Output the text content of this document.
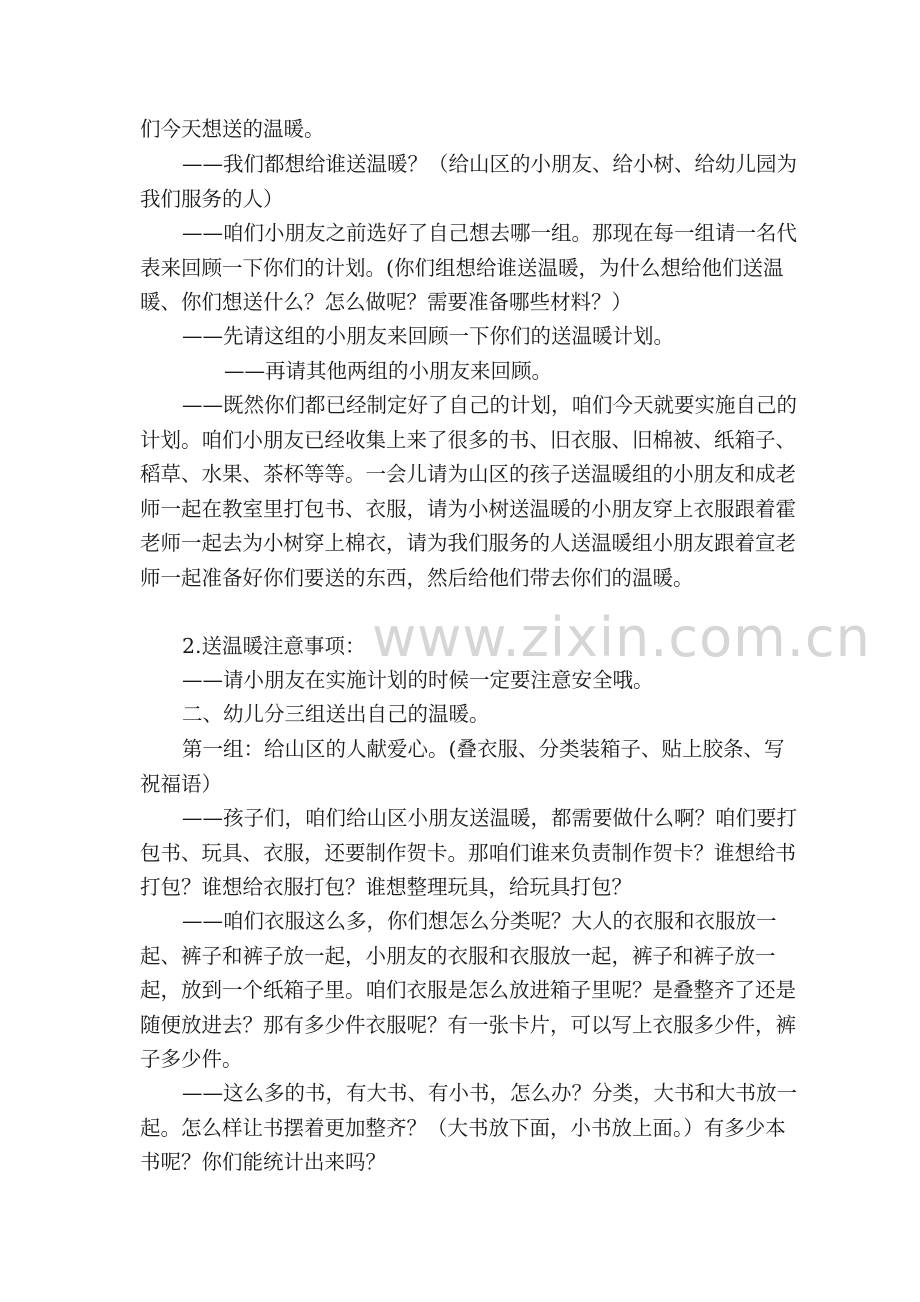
www.zixin.com.cn

们今天想送的温暖。

——我们都想给谁送温暖？（给山区的小朋友、给小树、给幼儿园为我们服务的人）

——咱们小朋友之前选好了自己想去哪一组。那现在每一组请一名代表来回顾一下你们的计划。(你们组想给谁送温暖，为什么想给他们送温暖、你们想送什么？怎么做呢？需要准备哪些材料？）

——先请这组的小朋友来回顾一下你们的送温暖计划。

——再请其他两组的小朋友来回顾。

——既然你们都已经制定好了自己的计划，咱们今天就要实施自己的计划。咱们小朋友已经收集上来了很多的书、旧衣服、旧棉被、纸箱子、稻草、水果、茶杯等等。一会儿请为山区的孩子送温暖组的小朋友和成老师一起在教室里打包书、衣服，请为小树送温暖的小朋友穿上衣服跟着霍老师一起去为小树穿上棉衣，请为我们服务的人送温暖组小朋友跟着宣老师一起准备好你们要送的东西，然后给他们带去你们的温暖。

2.送温暖注意事项：

——请小朋友在实施计划的时候一定要注意安全哦。

二、幼儿分三组送出自己的温暖。

第一组：给山区的人献爱心。(叠衣服、分类装箱子、贴上胶条、写祝福语）

——孩子们，咱们给山区小朋友送温暖，都需要做什么啊？咱们要打包书、玩具、衣服，还要制作贺卡。那咱们谁来负责制作贺卡？谁想给书打包？谁想给衣服打包？谁想整理玩具，给玩具打包？

——咱们衣服这么多，你们想怎么分类呢？大人的衣服和衣服放一起、裤子和裤子放一起，小朋友的衣服和衣服放一起，裤子和裤子放一起，放到一个纸箱子里。咱们衣服是怎么放进箱子里呢？是叠整齐了还是随便放进去？那有多少件衣服呢？有一张卡片，可以写上衣服多少件，裤子多少件。

——这么多的书，有大书、有小书，怎么办？分类，大书和大书放一起。怎么样让书摆着更加整齐？（大书放下面，小书放上面。）有多少本书呢？你们能统计出来吗？
